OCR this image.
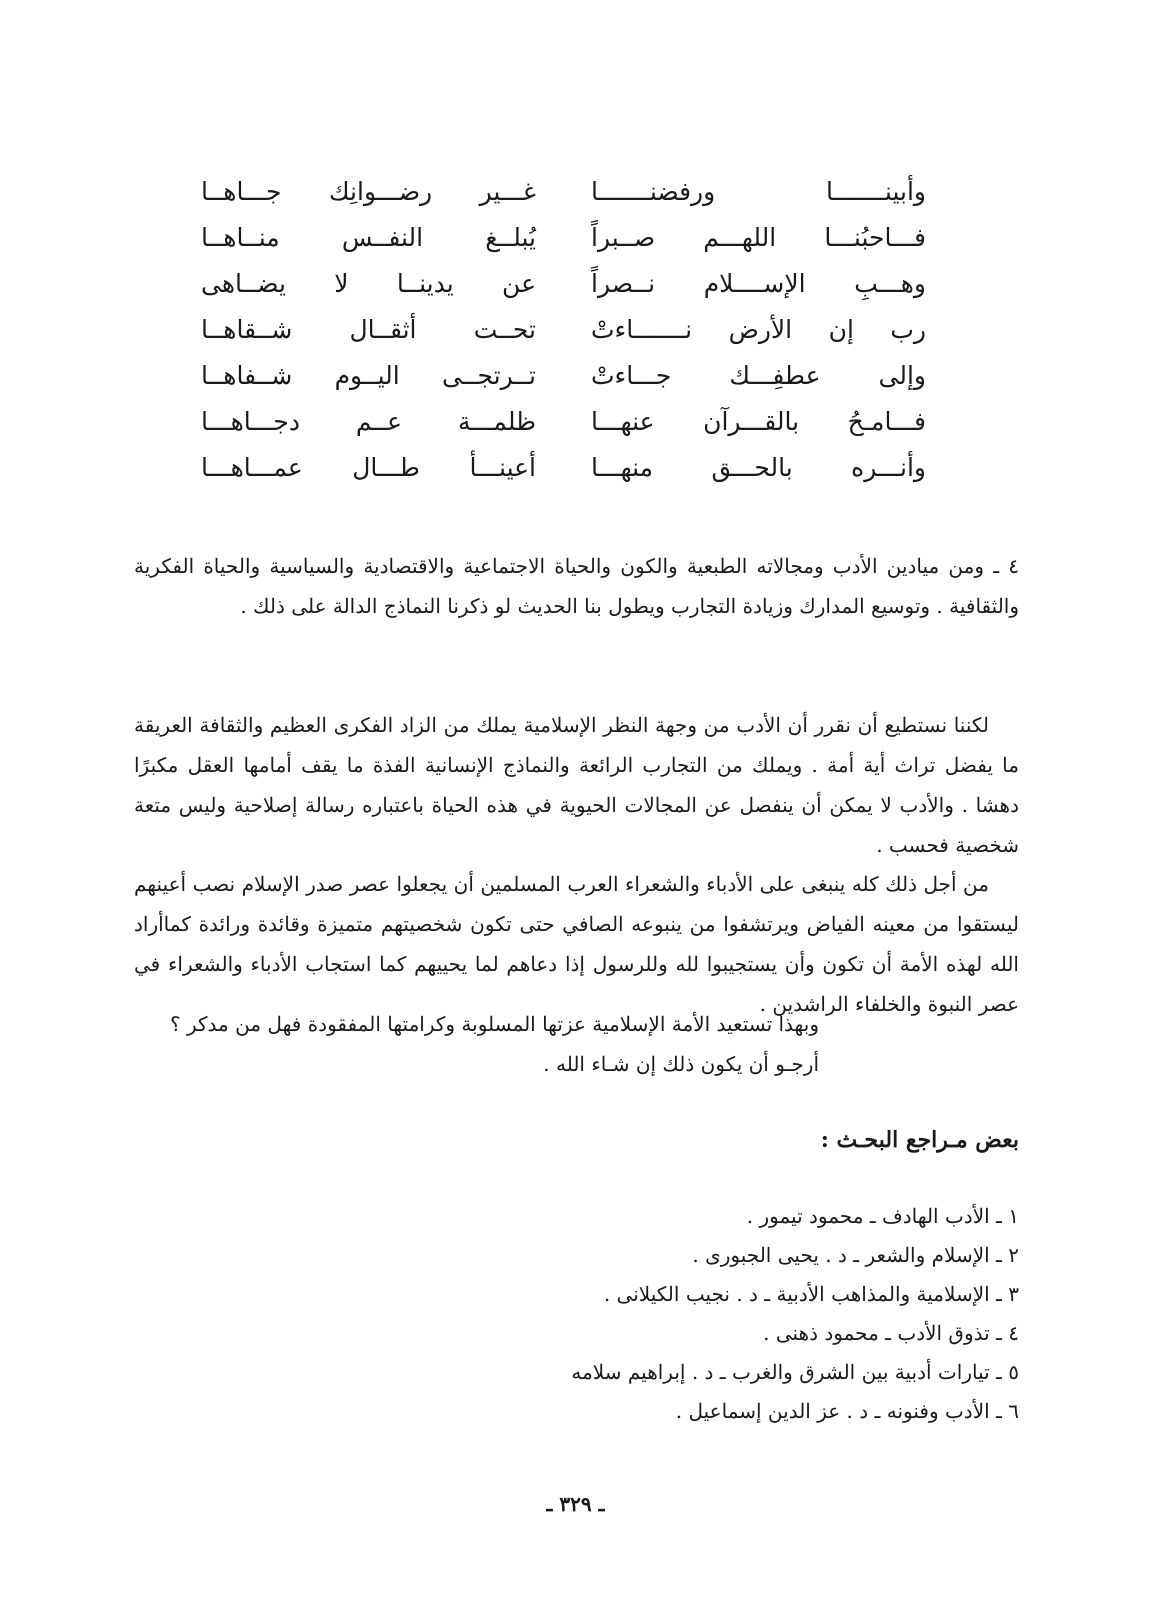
وأبينـــــــا ورفضنـــــــا
غـــير رضـــوانِك جـــاهــا
فـــاحبُنـــا اللهـــم صــبراً
يُبلــغ النفــس منــاهــا
وهـــبِ الإســــلام نــصراً
عن يدينــا لا يضــاهى
رب إن الأرض نـــــــاءتْ
تحــت أثقــال شــقاهــا
وإلى عطفِـــك جـــاءتْ
تــرتجــى اليــوم شــفاهــا
فـــامـحُ بالقـــرآن عنهـــا
ظلمـــة عــم دجـــاهـــا
وأنـــره بالحـــق منهـــا
أعينـــأ طـــال عمـــاهـــا

٤ ـ ومن ميادين الأدب ومجالاته الطبعية والكون والحياة الاجتماعية والاقتصادية والسياسية والحياة الفكرية والثقافية . وتوسيع المدارك وزيادة التجارب ويطول بنا الحديث لو ذكرنا النماذج الدالة على ذلك .

لكننا نستطيع أن نقرر أن الأدب من وجهة النظر الإسلامية يملك من الزاد الفكرى العظيم والثقافة العريقة ما يفضل تراث أية أمة . ويملك من التجارب الرائعة والنماذج الإنسانية الفذة ما يقف أمامها العقل مكبرًا دهشا . والأدب لا يمكن أن ينفصل عن المجالات الحيوية في هذه الحياة باعتباره رسالة إصلاحية وليس متعة شخصية فحسب .

من أجل ذلك كله ينبغى على الأدباء والشعراء العرب المسلمين أن يجعلوا عصر صدر الإسلام نصب أعينهم ليستقوا من معينه الفياض ويرتشفوا من ينبوعه الصافي حتى تكون شخصيتهم متميزة وقائدة ورائدة كماأراد الله لهذه الأمة أن تكون وأن يستجيبوا لله وللرسول إذا دعاهم لما يحييهم كما استجاب الأدباء والشعراء في عصر النبوة والخلفاء الراشدين .

وبهذا تستعيد الأمة الإسلامية عزتها المسلوبة وكرامتها المفقودة فهل من مدكر ؟
أرجـو أن يكون ذلك إن شـاء الله .
بعض مـراجع البحـث :
١ ـ الأدب الهادف ـ محمود تيمور .
٢ ـ الإسلام والشعر ـ د . يحيى الجبورى .
٣ ـ الإسلامية والمذاهب الأدبية ـ د . نجيب الكيلانى .
٤ ـ تذوق الأدب ـ محمود ذهنى .
٥ ـ تيارات أدبية بين الشرق والغرب ـ د . إبراهيم سلامه
٦ ـ الأدب وفنونه ـ د . عز الدين إسماعيل .
ـ ٣٢٩ ـ
